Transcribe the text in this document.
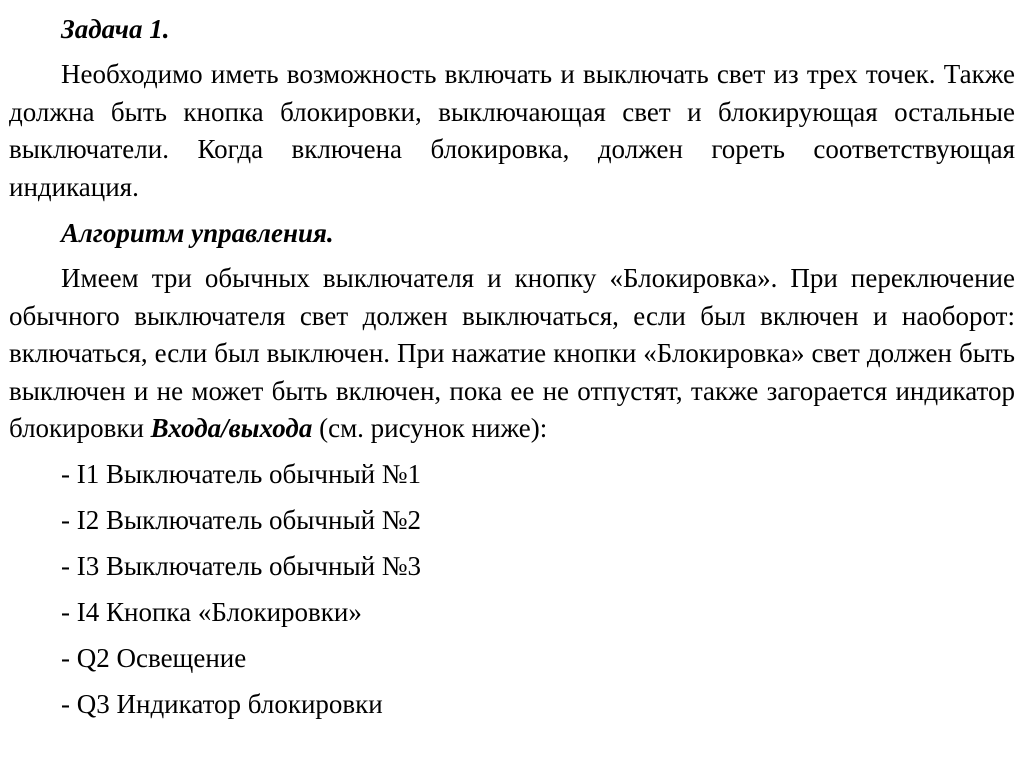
Задача 1.

Необходимо иметь возможность включать и выключать свет из трех точек. Также должна быть кнопка блокировки, выключающая свет и блокирующая остальные выключатели. Когда включена блокировка, должен гореть соответствующая индикация.

Алгоритм управления.

Имеем три обычных выключателя и кнопку «Блокировка». При переключение обычного выключателя свет должен выключаться, если был включен и наоборот: включаться, если был выключен. При нажатие кнопки «Блокировка» свет должен быть выключен и не может быть включен, пока ее не отпустят, также загорается индикатор блокировки Входа/выхода (см. рисунок ниже):

- I1 Выключатель обычный №1
- I2 Выключатель обычный №2
- I3 Выключатель обычный №3
- I4 Кнопка «Блокировки»
- Q2 Освещение
- Q3 Индикатор блокировки
